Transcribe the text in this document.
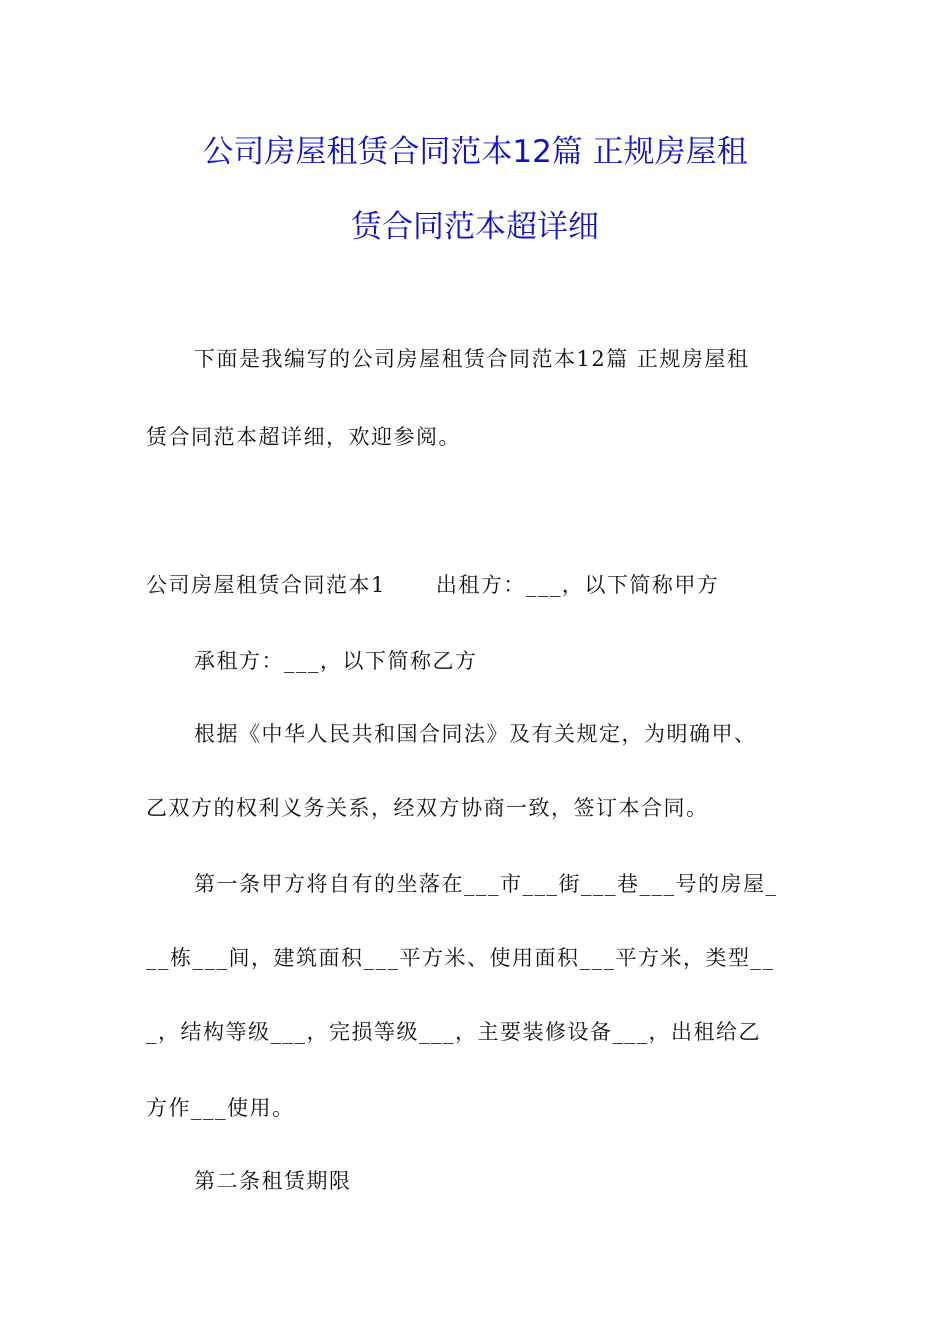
公司房屋租赁合同范本12篇 正规房屋租
赁合同范本超详细
下面是我编写的公司房屋租赁合同范本12篇 正规房屋租
赁合同范本超详细，欢迎参阅。
公司房屋租赁合同范本1 出租方：___，以下简称甲方
承租方：___，以下简称乙方
根据《中华人民共和国合同法》及有关规定，为明确甲、
乙双方的权利义务关系，经双方协商一致，签订本合同。
第一条甲方将自有的坐落在___市___街___巷___号的房屋_
__栋___间，建筑面积___平方米、使用面积___平方米，类型__
_，结构等级___，完损等级___，主要装修设备___，出租给乙
方作___使用。
第二条租赁期限
